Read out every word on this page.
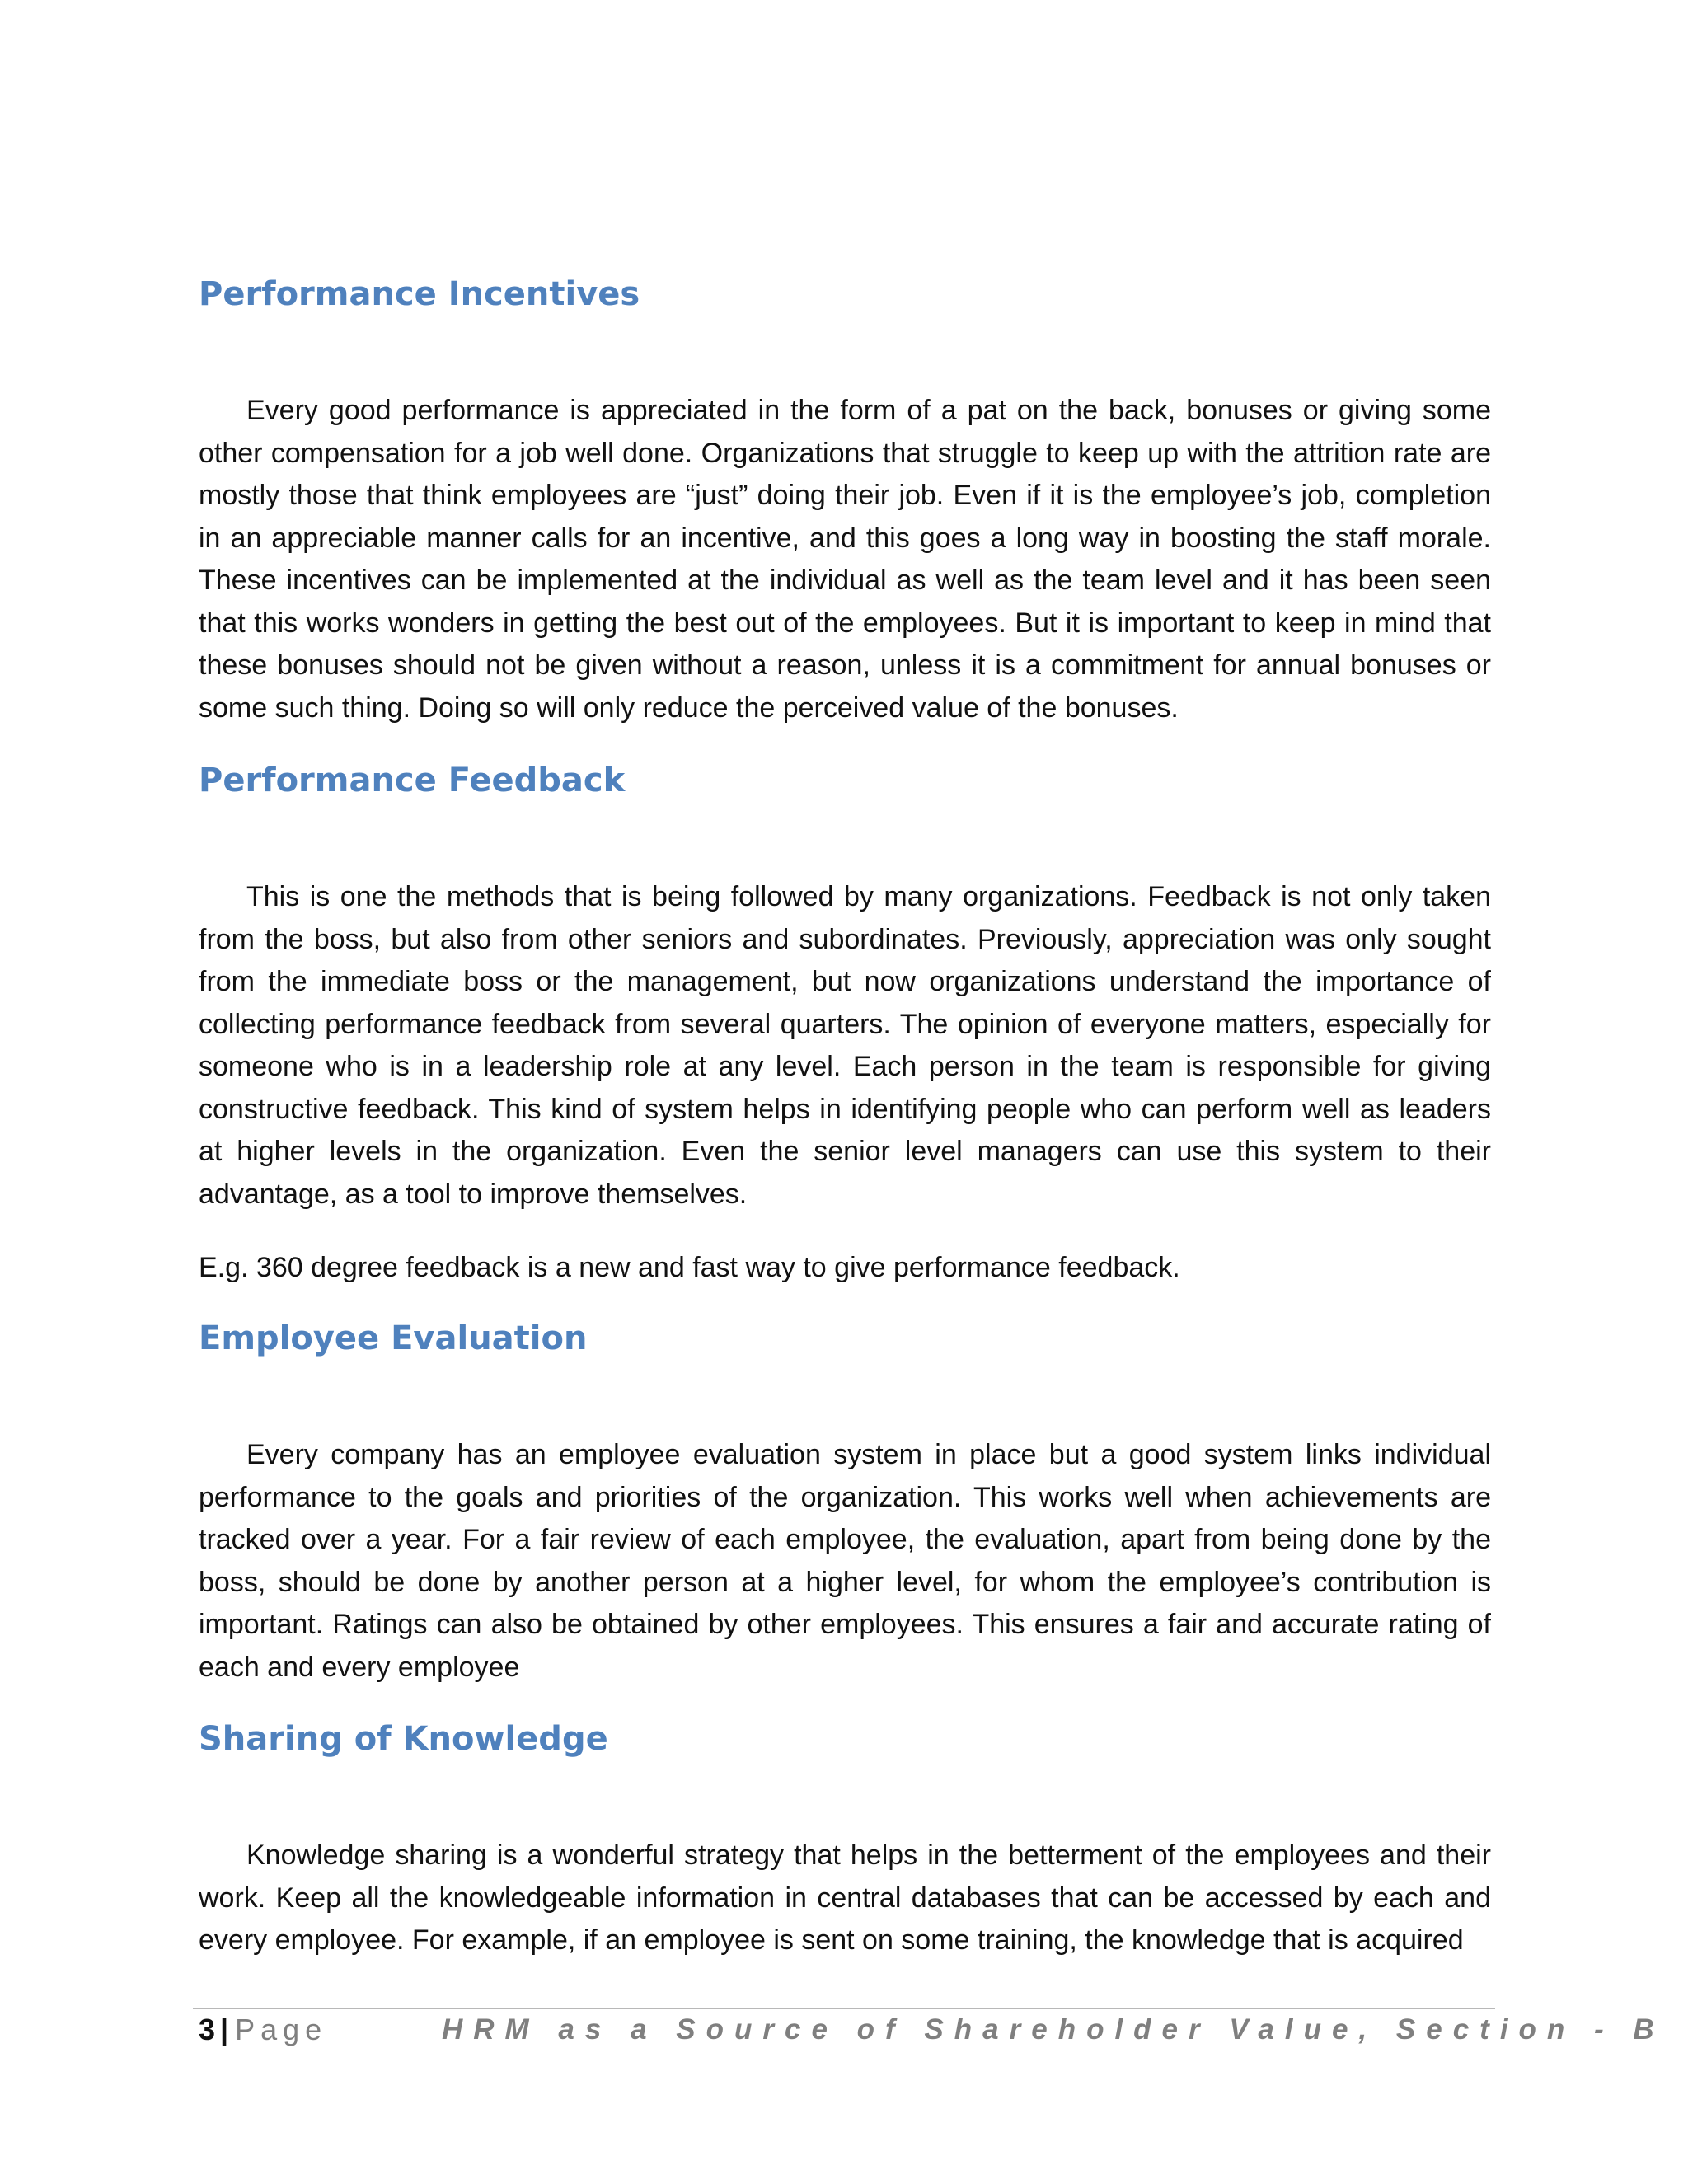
Performance Incentives

Every good performance is appreciated in the form of a pat on the back, bonuses or giving some other compensation for a job well done. Organizations that struggle to keep up with the attrition rate are mostly those that think employees are “just” doing their job. Even if it is the employee’s job, completion in an appreciable manner calls for an incentive, and this goes a long way in boosting the staff morale. These incentives can be implemented at the individual as well as the team level and it has been seen that this works wonders in getting the best out of the employees. But it is important to keep in mind that these bonuses should not be given without a reason, unless it is a commitment for annual bonuses or some such thing. Doing so will only reduce the perceived value of the bonuses.

Performance Feedback

This is one the methods that is being followed by many organizations. Feedback is not only taken from the boss, but also from other seniors and subordinates. Previously, appreciation was only sought from the immediate boss or the management, but now organizations understand the importance of collecting performance feedback from several quarters. The opinion of everyone matters, especially for someone who is in a leadership role at any level. Each person in the team is responsible for giving constructive feedback. This kind of system helps in identifying people who can perform well as leaders at higher levels in the organization. Even the senior level managers can use this system to their advantage, as a tool to improve themselves.

E.g. 360 degree feedback is a new and fast way to give performance feedback.

Employee Evaluation

Every company has an employee evaluation system in place but a good system links individual performance to the goals and priorities of the organization. This works well when achievements are tracked over a year. For a fair review of each employee, the evaluation, apart from being done by the boss, should be done by another person at a higher level, for whom the employee’s contribution is important. Ratings can also be obtained by other employees. This ensures a fair and accurate rating of each and every employee

Sharing of Knowledge

Knowledge sharing is a wonderful strategy that helps in the betterment of the employees and their work. Keep all the knowledgeable information in central databases that can be accessed by each and every employee. For example, if an employee is sent on some training, the knowledge that is acquired

3 | Page	HRM as a Source of Shareholder Value, Section - B
